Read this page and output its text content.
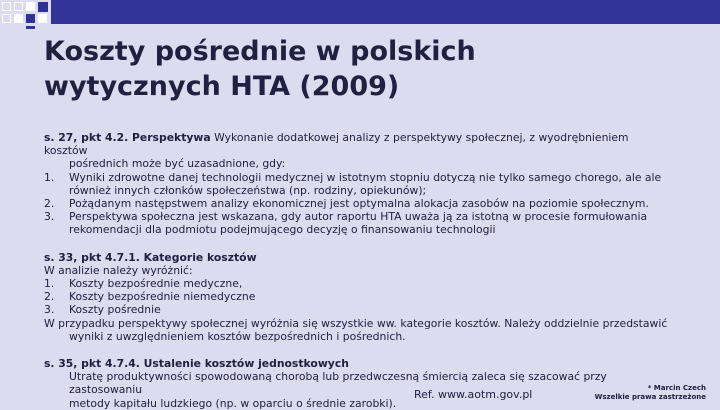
Koszty pośrednie w polskich
wytycznych HTA (2009)

s. 27, pkt 4.2. Perspektywa Wykonanie dodatkowej analizy z perspektywy społecznej, z wyodrębnieniem kosztów

pośrednich może być uzasadnione, gdy:

1.	Wyniki zdrowotne danej technologii medycznej w istotnym stopniu dotyczą nie tylko samego chorego, ale ale

również innych członków społeczeństwa (np. rodziny, opiekunów);

2.	Pożądanym następstwem analizy ekonomicznej jest optymalna alokacja zasobów na poziomie społecznym.
3.	Perspektywa społeczna jest wskazana, gdy autor raportu HTA uważa ją za istotną w procesie formułowania

rekomendacji dla podmiotu podejmującego decyzję o finansowaniu technologii

s. 33, pkt 4.7.1. Kategorie kosztów

W analizie należy wyróżnić:

1.	Koszty bezpośrednie medyczne,
2.	Koszty bezpośrednie niemedyczne
3.	Koszty pośrednie

W przypadku perspektywy społecznej wyróżnia się wszystkie ww. kategorie kosztów. Należy oddzielnie przedstawić

wyniki z uwzględnieniem kosztów bezpośrednich i pośrednich.

s. 35, pkt 4.7.4. Ustalenie kosztów jednostkowych

Utratę produktywności spowodowaną chorobą lub przedwczesną śmiercią zaleca się szacować przy zastosowaniu

metody kapitału ludzkiego (np. w oparciu o średnie zarobki).

Ref. www.aotm.gov.pl	* Marcin Czech
Wszelkie prawa zastrzeżone
